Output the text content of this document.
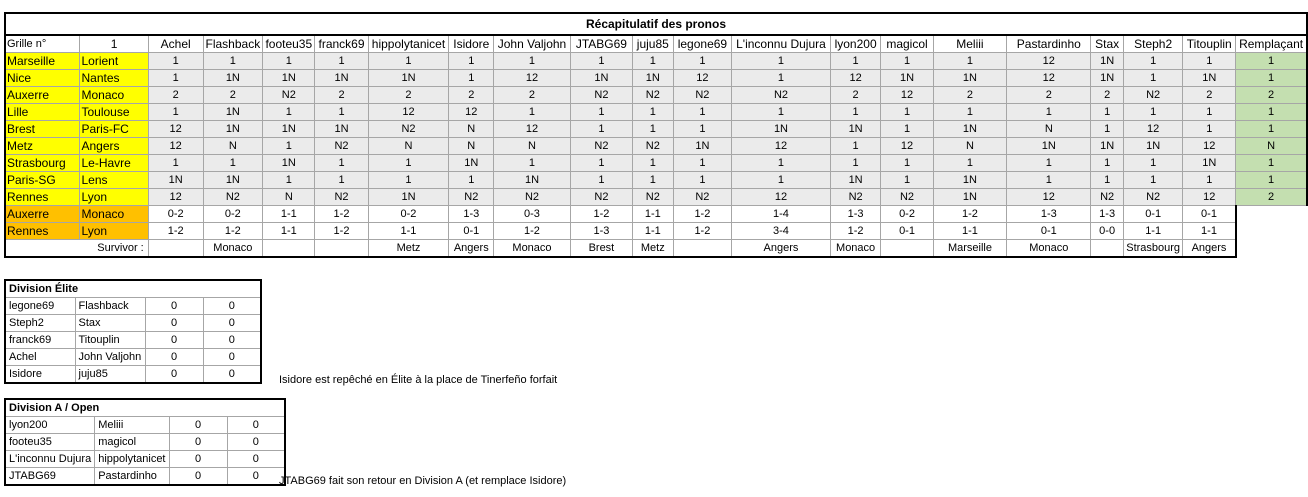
Récapitulatif des pronos																				
Grille n°	1	Achel	Flashback	footeu35	franck69	hippolytanicet	Isidore	John Valjohn	JTABG69	juju85	legone69	L'inconnu Dujura	lyon200	magicol	Meliii	Pastardinho	Stax	Steph2	Titouplin	Remplaçant
Marseille	Lorient	1	1	1	1	1	1	1	1	1	1	1	1	1	1	12	1N	1	1	1
Nice	Nantes	1	1N	1N	1N	1N	1	12	1N	1N	12	1	12	1N	1N	12	1N	1	1N	1
Auxerre	Monaco	2	2	N2	2	2	2	2	N2	N2	N2	N2	2	12	2	2	2	N2	2	2
Lille	Toulouse	1	1N	1	1	12	12	1	1	1	1	1	1	1	1	1	1	1	1	1
Brest	Paris-FC	12	1N	1N	1N	N2	N	12	1	1	1	1N	1N	1	1N	N	1	12	1	1
Metz	Angers	12	N	1	N2	N	N	N	N2	N2	1N	12	1	12	N	1N	1N	1N	12	N
Strasbourg	Le-Havre	1	1	1N	1	1	1N	1	1	1	1	1	1	1	1	1	1	1	1N	1
Paris-SG	Lens	1N	1N	1	1	1	1	1N	1	1	1	1	1N	1	1N	1	1	1	1	1
Rennes	Lyon	12	N2	N	N2	1N	N2	N2	N2	N2	N2	12	N2	N2	1N	12	N2	N2	12	2
Auxerre	Monaco	0-2	0-2	1-1	1-2	0-2	1-3	0-3	1-2	1-1	1-2	1-4	1-3	0-2	1-2	1-3	1-3	0-1	0-1	
Rennes	Lyon	1-2	1-2	1-1	1-2	1-1	0-1	1-2	1-3	1-1	1-2	3-4	1-2	0-1	1-1	0-1	0-0	1-1	1-1	
Survivor :			Monaco			Metz	Angers	Monaco	Brest	Metz		Angers	Monaco		Marseille	Monaco		Strasbourg	Angers	
Division Élite			
legone69	Flashback	0	0
Steph2	Stax	0	0
franck69	Titouplin	0	0
Achel	John Valjohn	0	0
Isidore	juju85	0	0	Isidore est repêché en Élite à la place de Tinerfeño forfait
Division A / Open			
lyon200	Meliii	0	0
footeu35	magicol	0	0
L'inconnu Dujura	hippolytanicet	0	0
JTABG69	Pastardinho	0	0 JTABG69 fait son retour en Division A (et remplace Isidore)
